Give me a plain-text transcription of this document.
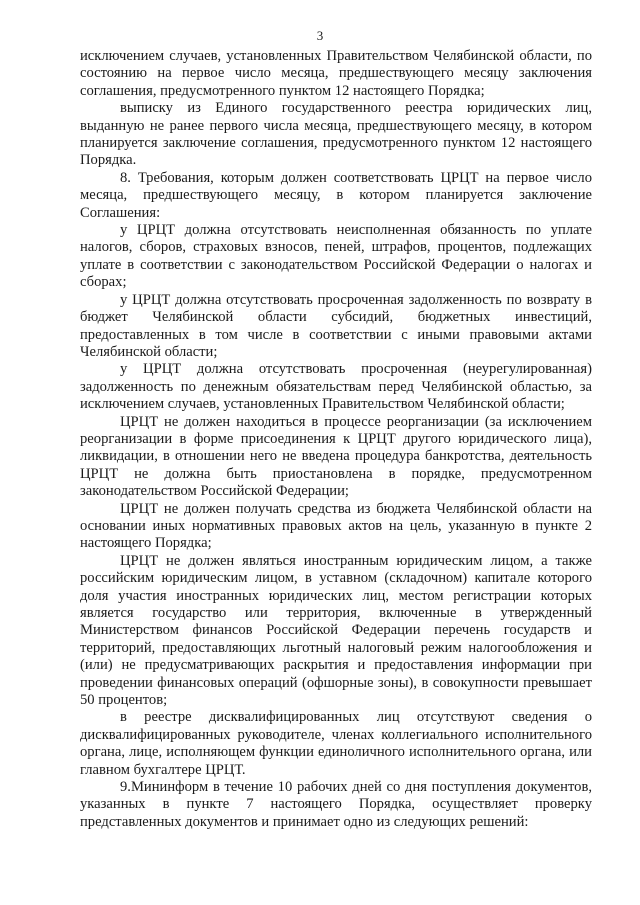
3

исключением случаев, установленных Правительством Челябинской области, по состоянию на первое число месяца, предшествующего месяцу заключения соглашения, предусмотренного пунктом 12 настоящего Порядка;

выписку из Единого государственного реестра юридических лиц, выданную не ранее первого числа месяца, предшествующего месяцу, в котором планируется заключение соглашения, предусмотренного пунктом 12 настоящего Порядка.

8. Требования, которым должен соответствовать ЦРЦТ на первое число месяца, предшествующего месяцу, в котором планируется заключение Соглашения:

у ЦРЦТ должна отсутствовать неисполненная обязанность по уплате налогов, сборов, страховых взносов, пеней, штрафов, процентов, подлежащих уплате в соответствии с законодательством Российской Федерации о налогах и сборах;

у ЦРЦТ должна отсутствовать просроченная задолженность по возврату в бюджет Челябинской области субсидий, бюджетных инвестиций, предоставленных в том числе в соответствии с иными правовыми актами Челябинской области;

у ЦРЦТ должна отсутствовать просроченная (неурегулированная) задолженность по денежным обязательствам перед Челябинской областью, за исключением случаев, установленных Правительством Челябинской области;

ЦРЦТ не должен находиться в процессе реорганизации (за исключением реорганизации в форме присоединения к ЦРЦТ другого юридического лица), ликвидации, в отношении него не введена процедура банкротства, деятельность ЦРЦТ не должна быть приостановлена в порядке, предусмотренном законодательством Российской Федерации;

ЦРЦТ не должен получать средства из бюджета Челябинской области на основании иных нормативных правовых актов на цель, указанную в пункте 2 настоящего Порядка;

ЦРЦТ не должен являться иностранным юридическим лицом, а также российским юридическим лицом, в уставном (складочном) капитале которого доля участия иностранных юридических лиц, местом регистрации которых является государство или территория, включенные в утвержденный Министерством финансов Российской Федерации перечень государств и территорий, предоставляющих льготный налоговый режим налогообложения и (или) не предусматривающих раскрытия и предоставления информации при проведении финансовых операций (офшорные зоны), в совокупности превышает 50 процентов;

в реестре дисквалифицированных лиц отсутствуют сведения о дисквалифицированных руководителе, членах коллегиального исполнительного органа, лице, исполняющем функции единоличного исполнительного органа, или главном бухгалтере ЦРЦТ.

9.Мининформ в течение 10 рабочих дней со дня поступления документов, указанных в пункте 7 настоящего Порядка, осуществляет проверку представленных документов и принимает одно из следующих решений:
